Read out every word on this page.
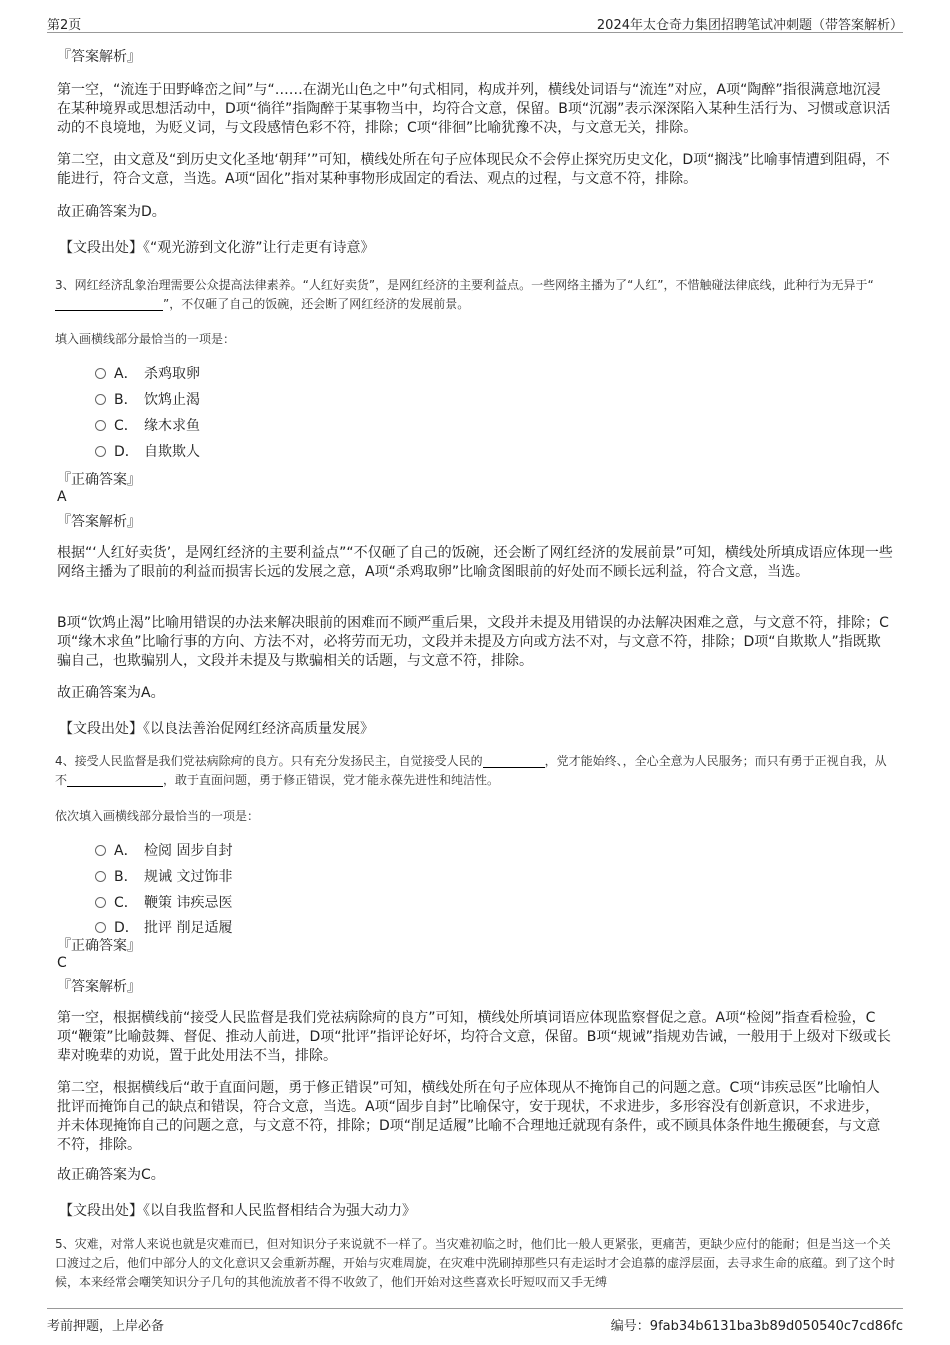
第2页	2024年太仓奇力集团招聘笔试冲刺题（带答案解析）
『答案解析』
第一空，“流连于田野峰峦之间”与“……在湖光山色之中”句式相同，构成并列，横线处词语与“流连”对应，A项“陶醉”指很满意地沉浸在某种境界或思想活动中，D项“徜徉”指陶醉于某事物当中，均符合文意，保留。B项“沉溺”表示深深陷入某种生活行为、习惯或意识活动的不良境地，为贬义词，与文段感情色彩不符，排除；C项“徘徊”比喻犹豫不决，与文意无关，排除。
第二空，由文意及“到历史文化圣地‘朝拜’”可知，横线处所在句子应体现民众不会停止探究历史文化，D项“搁浅”比喻事情遭到阻碍，不能进行，符合文意，当选。A项“固化”指对某种事物形成固定的看法、观点的过程，与文意不符，排除。
故正确答案为D。
【文段出处】《“观光游到文化游”让行走更有诗意》
3、网红经济乱象治理需要公众提高法律素养。“人红好卖货”，是网红经济的主要利益点。一些网络主播为了“人红”，不惜触碰法律底线，此种行为无异于“”，不仅砸了自己的饭碗，还会断了网红经济的发展前景。
填入画横线部分最恰当的一项是：
A． 杀鸡取卵
B． 饮鸩止渴
C． 缘木求鱼
D． 自欺欺人
『正确答案』
A
『答案解析』
根据“‘人红好卖货’，是网红经济的主要利益点”“不仅砸了自己的饭碗，还会断了网红经济的发展前景”可知，横线处所填成语应体现一些网络主播为了眼前的利益而损害长远的发展之意，A项“杀鸡取卵”比喻贪图眼前的好处而不顾长远利益，符合文意，当选。
B项“饮鸩止渴”比喻用错误的办法来解决眼前的困难而不顾严重后果，文段并未提及用错误的办法解决困难之意，与文意不符，排除；C项“缘木求鱼”比喻行事的方向、方法不对，必将劳而无功，文段并未提及方向或方法不对，与文意不符，排除；D项“自欺欺人”指既欺骗自己，也欺骗别人，文段并未提及与欺骗相关的话题，与文意不符，排除。
故正确答案为A。
【文段出处】《以良法善治促网红经济高质量发展》
4、接受人民监督是我们党祛病除疴的良方。只有充分发扬民主，自觉接受人民的	，党才能始终、，全心全意为人民服务；而只有勇于正视自我，从不	，敢于直面问题，勇于修正错误，党才能永葆先进性和纯洁性。
依次填入画横线部分最恰当的一项是：
A． 检阅 固步自封
B． 规诫 文过饰非
C． 鞭策 讳疾忌医
D． 批评 削足适履
『正确答案』
C
『答案解析』
第一空，根据横线前“接受人民监督是我们党祛病除疴的良方”可知，横线处所填词语应体现监察督促之意。A项“检阅”指查看检验，C项“鞭策”比喻鼓舞、督促、推动人前进，D项“批评”指评论好坏，均符合文意，保留。B项“规诫”指规劝告诫，一般用于上级对下级或长辈对晚辈的劝说，置于此处用法不当，排除。
第二空，根据横线后“敢于直面问题，勇于修正错误”可知，横线处所在句子应体现从不掩饰自己的问题之意。C项“讳疾忌医”比喻怕人批评而掩饰自己的缺点和错误，符合文意，当选。A项“固步自封”比喻保守，安于现状，不求进步，多形容没有创新意识，不求进步，并未体现掩饰自己的问题之意，与文意不符，排除；D项“削足适履”比喻不合理地迁就现有条件，或不顾具体条件地生搬硬套，与文意不符，排除。
故正确答案为C。
【文段出处】《以自我监督和人民监督相结合为强大动力》
5、灾难，对常人来说也就是灾难而已，但对知识分子来说就不一样了。当灾难初临之时，他们比一般人更紧张，更痛苦，更缺少应付的能耐；但是当这一个关口渡过之后，他们中部分人的文化意识又会重新苏醒，开始与灾难周旋，在灾难中洗刷掉那些只有走运时才会追慕的虚浮层面，去寻求生命的底蕴。到了这个时候，本来经常会嘲笑知识分子几句的其他流放者不得不收敛了，他们开始对这些喜欢长吁短叹而又手无缚
考前押题，上岸必备	编号：9fab34b6131ba3b89d050540c7cd86fc
